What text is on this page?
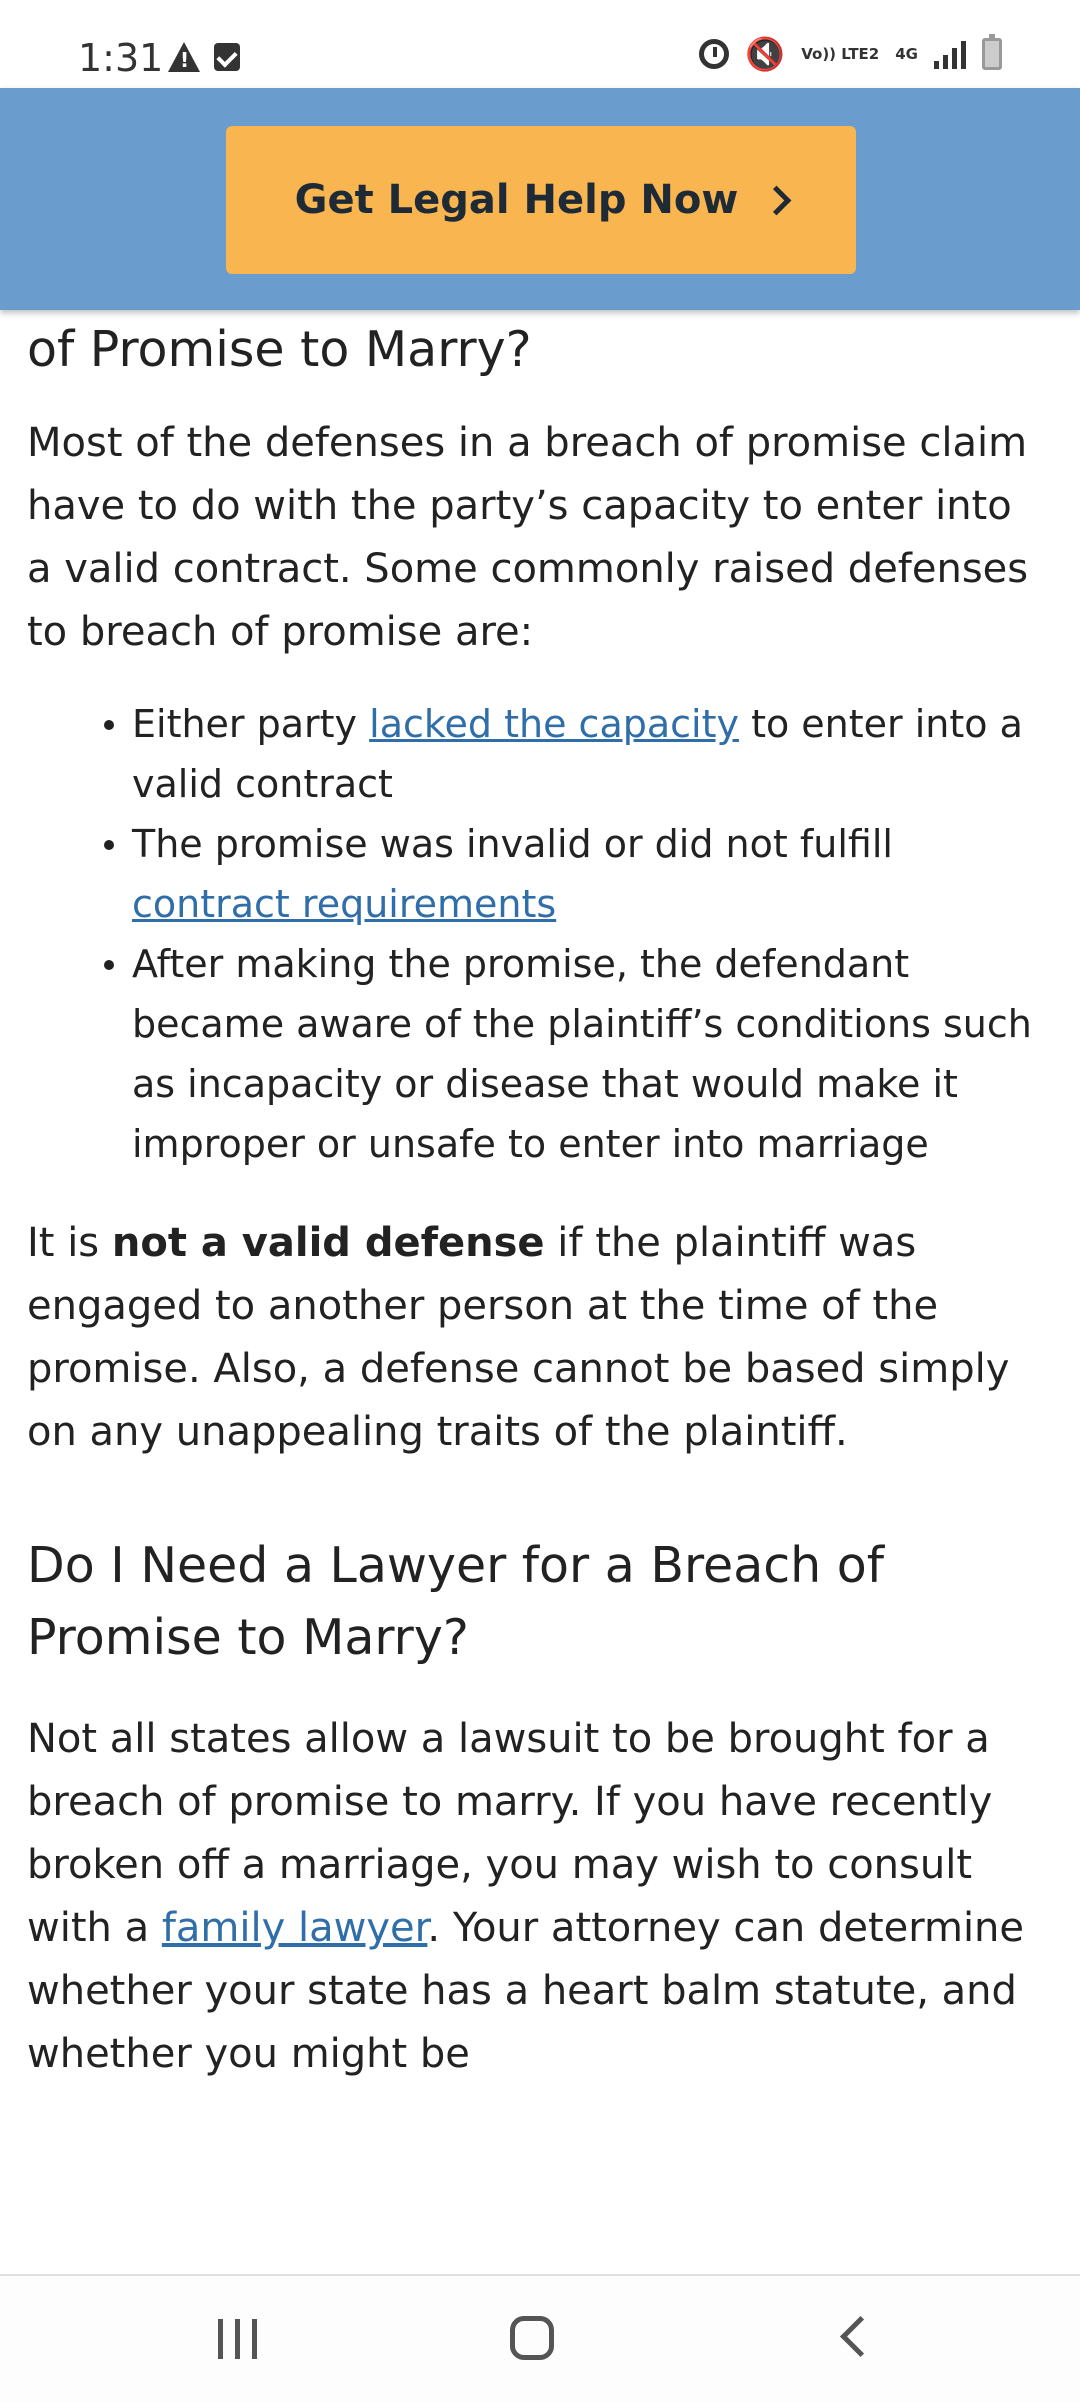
1:31
!	🔇 Vo)) LTE2 4G
Get Legal Help Now
of Promise to Marry?

Most of the defenses in a breach of promise claim have to do with the party’s capacity to enter into a valid contract. Some commonly raised defenses to breach of promise are:

Either party lacked the capacity to enter into a valid contract
The promise was invalid or did not fulfill contract requirements
After making the promise, the defendant became aware of the plaintiff’s conditions such as incapacity or disease that would make it improper or unsafe to enter into marriage

It is not a valid defense if the plaintiff was engaged to another person at the time of the promise. Also, a defense cannot be based simply on any unappealing traits of the plaintiff.

Do I Need a Lawyer for a Breach of Promise to Marry?

Not all states allow a lawsuit to be brought for a breach of promise to marry. If you have recently broken off a marriage, you may wish to consult with a family lawyer. Your attorney can determine whether your state has a heart balm statute, and whether you might be
